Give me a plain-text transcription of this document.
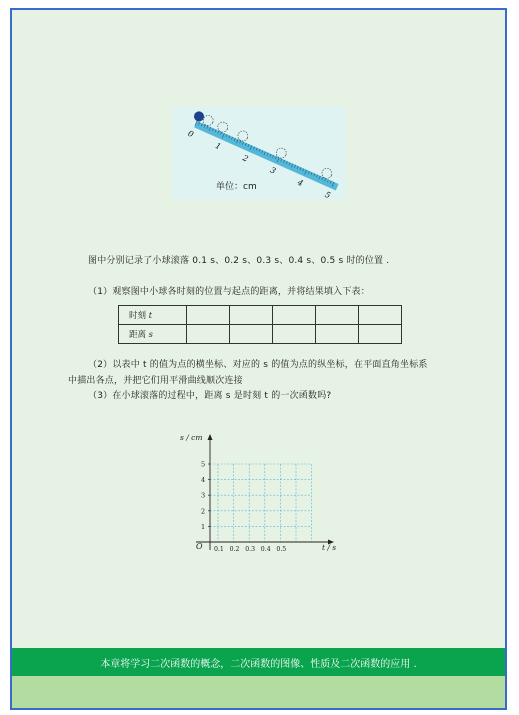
0
1
2
3
4
5
单位：cm
图中分别记录了小球滚落 0.1 s、0.2 s、0.3 s、0.4 s、0.5 s 时的位置 .
（1）观察图中小球各时刻的位置与起点的距离，并将结果填入下表：
时刻 t					
距离 s					
（2）以表中 t 的值为点的横坐标、对应的 s 的值为点的纵坐标，在平面直角坐标系
中描出各点，并把它们用平滑曲线顺次连接
（3）在小球滚落的过程中，距离 s 是时刻 t 的一次函数吗?
0.1 0.2 0.3 0.4 0.5
1
2
3
4
5
s / cm
t / s
O
本章将学习二次函数的概念，二次函数的图像、性质及二次函数的应用 .
